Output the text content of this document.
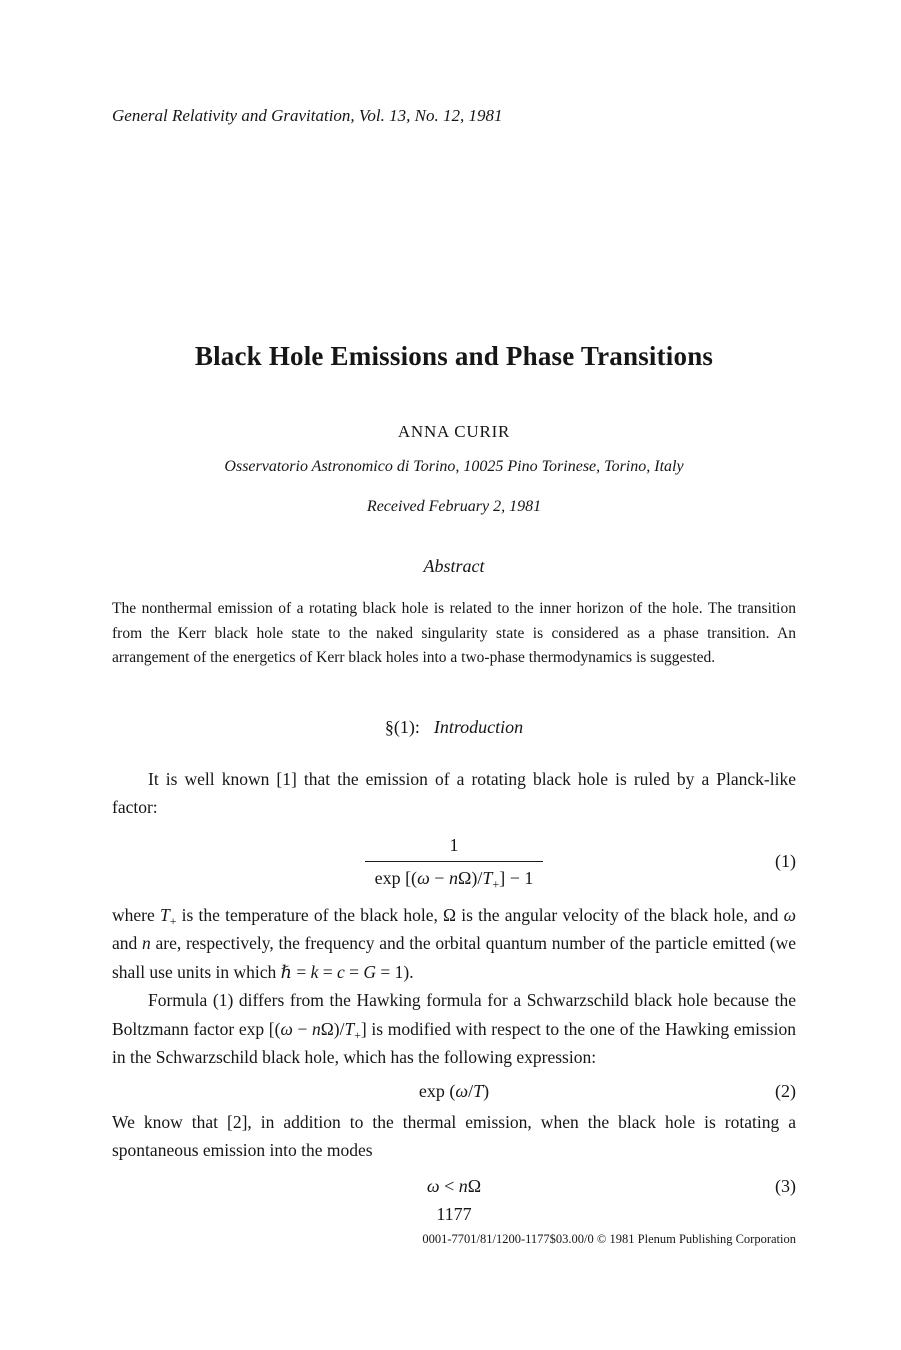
General Relativity and Gravitation, Vol. 13, No. 12, 1981
Black Hole Emissions and Phase Transitions
ANNA CURIR
Osservatorio Astronomico di Torino, 10025 Pino Torinese, Torino, Italy
Received February 2, 1981
Abstract

The nonthermal emission of a rotating black hole is related to the inner horizon of the hole. The transition from the Kerr black hole state to the naked singularity state is considered as a phase transition. An arrangement of the energetics of Kerr black holes into a two-phase thermodynamics is suggested.

§(1): Introduction

It is well known [1] that the emission of a rotating black hole is ruled by a Planck-like factor:

$\frac{1}{\exp [(\omega - n\Omega)/T_+] - 1}$	(1)

where $T_+$ is the temperature of the black hole, Ω is the angular velocity of the black hole, and ω and n are, respectively, the frequency and the orbital quantum number of the particle emitted (we shall use units in which ℏ = k = c = G = 1).

Formula (1) differs from the Hawking formula for a Schwarzschild black hole because the Boltzmann factor $\exp [(\omega - n\Omega)/T_+]$ is modified with respect to the one of the Hawking emission in the Schwarzschild black hole, which has the following expression:

exp (ω/T)	(2)

We know that [2], in addition to the thermal emission, when the black hole is rotating a spontaneous emission into the modes

ω < nΩ	(3)
1177
0001-7701/81/1200-1177$03.00/0 © 1981 Plenum Publishing Corporation
